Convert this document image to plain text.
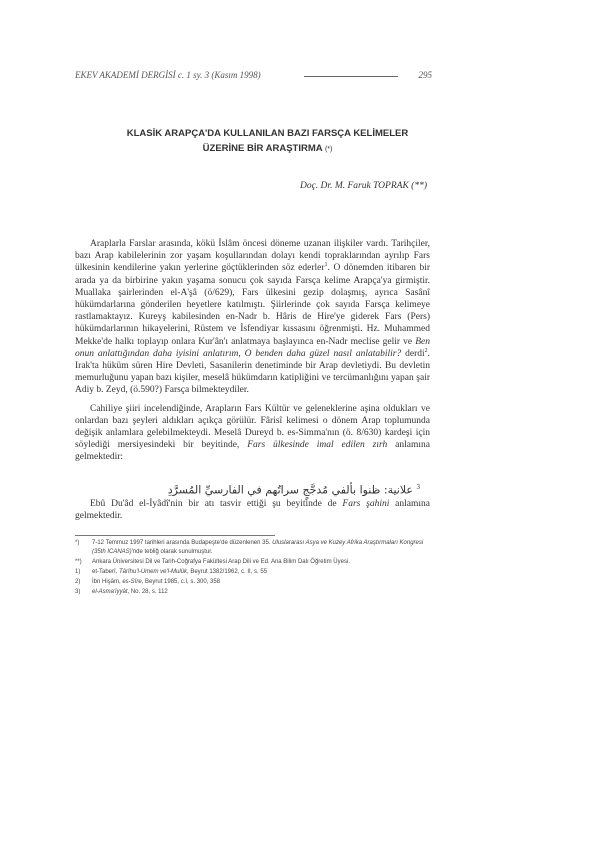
EKEV AKADEMİ DERGİSİ c. 1 sy. 3 (Kasım 1998)	295
KLASİK ARAPÇA'DA KULLANILAN BAZI FARSÇA KELİMELER
ÜZERİNE BİR ARAŞTIRMA (*)
Doç. Dr. M. Faruk TOPRAK (**)

Araplarla Farslar arasında, kökü İslâm öncesi döneme uzanan ilişkiler vardı. Tarihçiler, bazı Arap kabilelerinin zor yaşam koşullarından dolayı kendi topraklarından ayrılıp Fars ülkesinin kendilerine yakın yerlerine göçtüklerinden söz ederler$^1$. O dönemden itibaren bir arada ya da birbirine yakın yaşama sonucu çok sayıda Farsça kelime Arapça'ya girmiştir. Muallaka şairlerinden el-A'şâ (ö/629), Fars ülkesini gezip dolaşmış, ayrıca Sasânî hükümdarlarına gönderilen heyetlere katılmıştı. Şiirlerinde çok sayıda Farsça kelimeye rastlamaktayız. Kureyş kabilesinden en-Nadr b. Hâris de Hire'ye giderek Fars (Pers) hükümdarlarının hikayelerini, Rüstem ve İsfendiyar kıssasını öğrenmişti. Hz. Muhammed Mekke'de halkı toplayıp onlara Kur'ân'ı anlatmaya başlayınca en-Nadr meclise gelir ve Ben onun anlattığından daha iyisini anlatırım, O benden daha güzel nasıl anlatabilir? derdi$^2$. Irak'ta hüküm süren Hire Devleti, Sasanilerin denetiminde bir Arap devletiydi. Bu devletin memurluğunu yapan bazı kişiler, meselâ hükümdarın katipliğini ve tercümanlığını yapan şair Adiy b. Zeyd, (ö.590?) Farsça bilmekteydiler.

Cahiliye şiiri incelendiğinde, Arapların Fars Kültür ve geleneklerine aşina oldukları ve onlardan bazı şeyleri aldıkları açıkça görülür. Fârisî kelimesi o dönem Arap toplumunda değişik anlamlara gelebilmekteydi. Meselâ Dureyd b. es-Simma'nın (ö. 8/630) kardeşi için söylediği mersiyesindeki bir beyitinde, Fars ülkesinde imal edilen zırh anlamına gelmektedir:

$^3$ علانية: ظنوا بألفي مُدجَّجٍ سراتُهم في الفارسيِّ المُسرَّدِ
Ebû Du'âd el-İyâdî'nin bir atı tasvir ettiği şu beyitinde de Fars şahini anlamına gelmektedir.
*) 7-12 Temmuz 1997 tarihleri arasında Budapeşte'de düzenlenen 35. Uluslararası Asya ve Kuzey Afrika Araştırmaları Kongresi (35th ICANAS)'nde tebliğ olarak sunulmuştur.
**) Ankara Üniversitesi Dil ve Tarih-Coğrafya Fakültesi Arap Dili ve Ed. Ana Bilim Dalı Öğretim Üyesi.
1) et-Taberî, Târîhu'l-Umem ve'l-Mulûk, Beyrut 1382/1962, c. II, s. 55
2) İbn Hişâm, es-Sîre, Beyrut 1985, c.I, s. 300, 358
3) el-Asma'iyyât, No. 28, s. 112
